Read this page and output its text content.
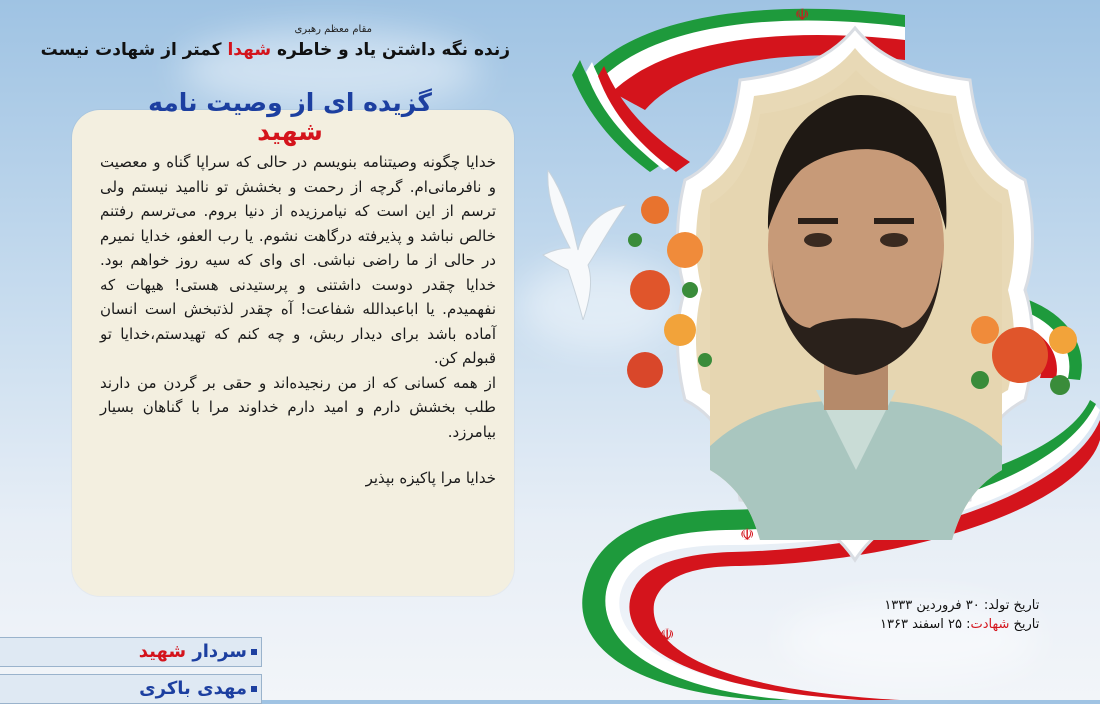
☫
☫
☫
مقام معظم رهبری
زنده نگه داشتن یاد و خاطره شهدا کمتر از شهادت نیست
گزیده ای از وصیت نامه شهید

خدایا چگونه وصیتنامه بنویسم در حالی که سراپا گناه و معصیت و نافرمانی‌ام. گرچه از رحمت و بخشش تو ناامید نیستم ولی ترسم از این است که نیامرزیده از دنیا بروم. می‌ترسم رفتنم خالص نباشد و پذیرفته درگاهت نشوم. یا رب العفو، خدایا نمیرم در حالی از ما راضی نباشی. ای وای که سیه روز خواهم بود. خدایا چقدر دوست داشتنی و پرستیدنی هستی! هیهات که نفهمیدم. یا اباعبدالله شفاعت! آه چقدر لذتبخش است انسان آماده باشد برای دیدار ربش، و چه کنم که تهیدستم،خدایا تو قبولم کن.

از همه کسانی که از من رنجیده‌اند و حقی بر گردن من دارند طلب بخشش دارم و امید دارم خداوند مرا با گناهان بسیار بیامرزد.

خدایا مرا پاکیزه بپذیر

تاریخ تولد: ۳۰ فروردین ۱۳۳۳
تاریخ شهادت: ۲۵ اسفند ۱۳۶۳
سردار شهید
مهدی باکری
